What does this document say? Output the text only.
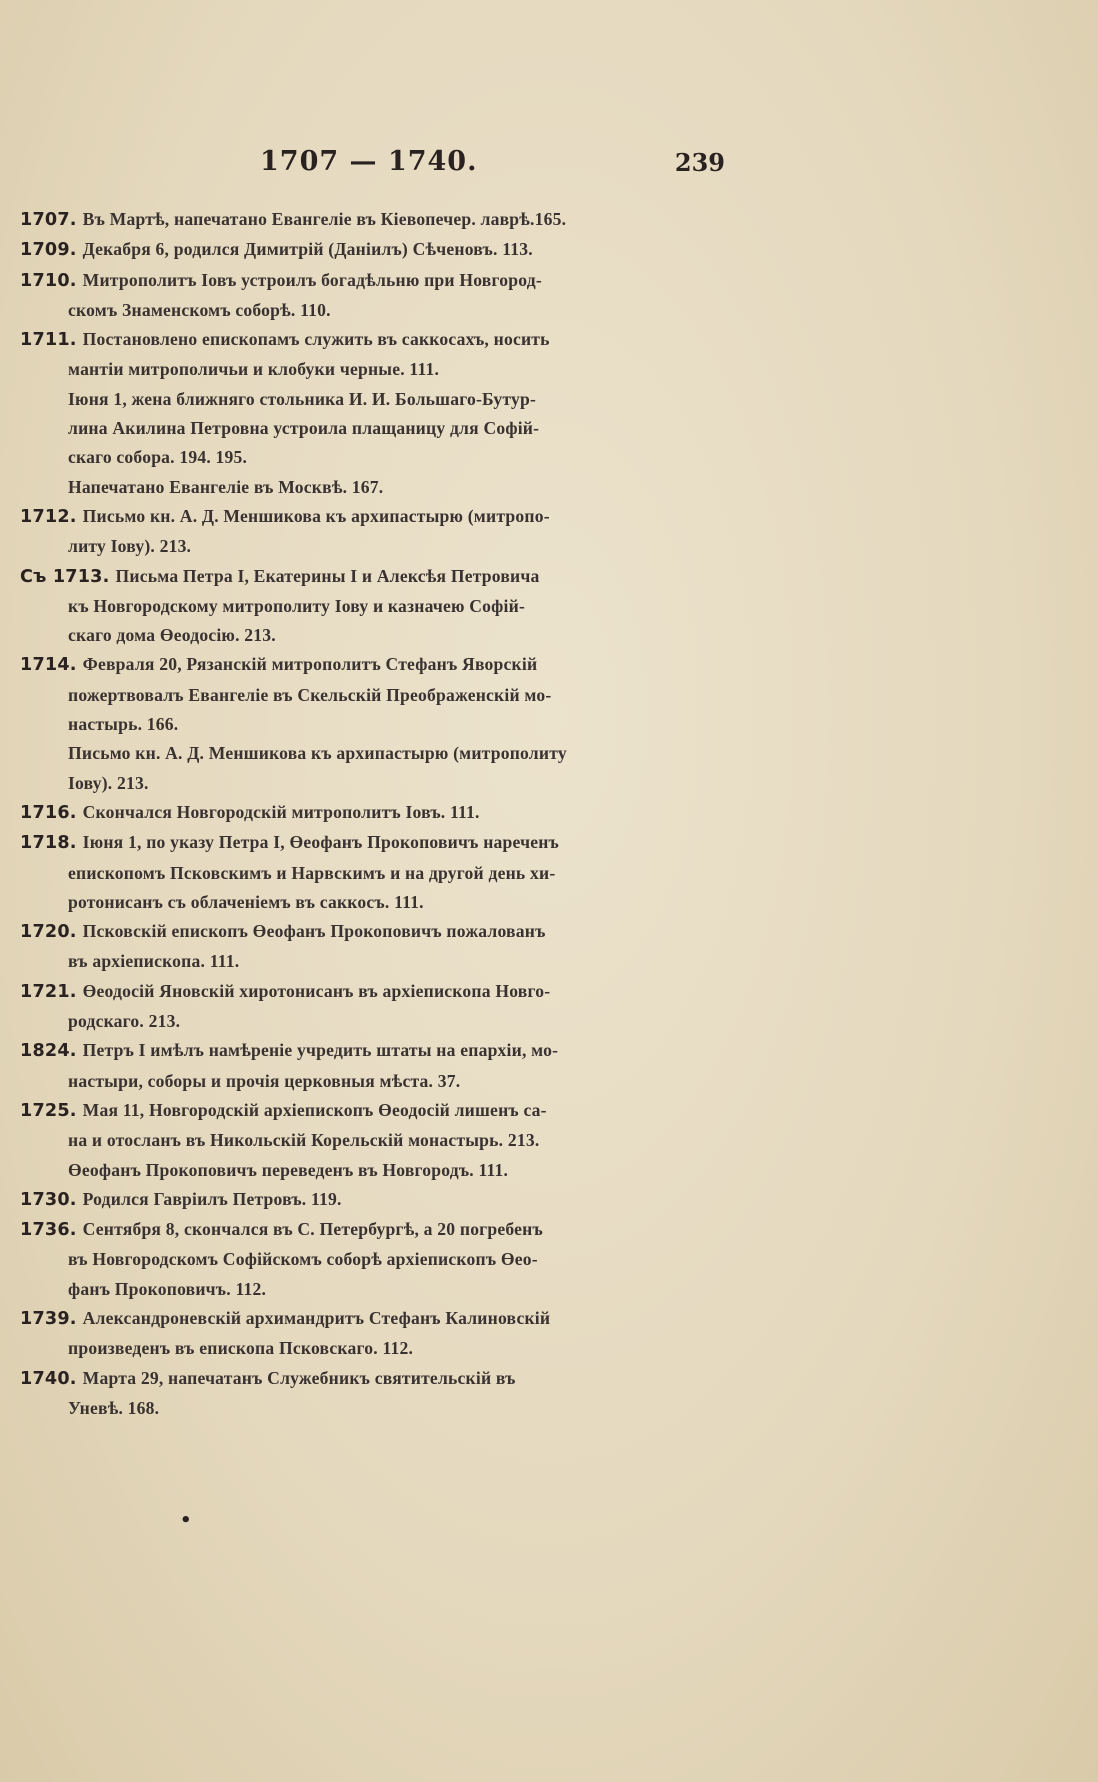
1707 — 1740.	239
1707. Въ Мартѣ, напечатано Евангеліе въ Кіевопечер. лаврѣ.165.
1709. Декабря 6, родился Димитрій (Даніилъ) Сѣченовъ. 113.
1710. Митрополитъ Іовъ устроилъ богадѣльню при Новгород-
скомъ Знаменскомъ соборѣ. 110.
1711. Постановлено епископамъ служить въ саккосахъ, носить
мантіи митрополичьи и клобуки черные. 111.
Іюня 1, жена ближняго стольника И. И. Большаго-Бутур-
лина Акилина Петровна устроила плащаницу для Софій-
скаго собора. 194. 195.
Напечатано Евангеліе въ Москвѣ. 167.
1712. Письмо кн. А. Д. Меншикова къ архипастырю (митропо-
литу Іову). 213.
Съ 1713. Письма Петра I, Екатерины I и Алексѣя Петровича
къ Новгородскому митрополиту Іову и казначею Софій-
скаго дома Өеодосію. 213.
1714. Февраля 20, Рязанскій митрополитъ Стефанъ Яворскій
пожертвовалъ Евангеліе въ Скельскій Преображенскій мо-
настырь. 166.
Письмо кн. А. Д. Меншикова къ архипастырю (митрополиту
Іову). 213.
1716. Скончался Новгородскій митрополитъ Іовъ. 111.
1718. Іюня 1, по указу Петра I, Өеофанъ Прокоповичъ нареченъ
епископомъ Псковскимъ и Нарвскимъ и на другой день хи-
ротонисанъ съ облаченіемъ въ саккосъ. 111.
1720. Псковскій епископъ Өеофанъ Прокоповичъ пожалованъ
въ архіепископа. 111.
1721. Өеодосій Яновскій хиротонисанъ въ архіепископа Новго-
родскаго. 213.
1824. Петръ I имѣлъ намѣреніе учредить штаты на епархіи, мо-
настыри, соборы и прочія церковныя мѣста. 37.
1725. Мая 11, Новгородскій архіепископъ Өеодосій лишенъ са-
на и отосланъ въ Никольскій Корельскій монастырь. 213.
Өеофанъ Прокоповичъ переведенъ въ Новгородъ. 111.
1730. Родился Гавріилъ Петровъ. 119.
1736. Сентября 8, скончался въ С. Петербургѣ, а 20 погребенъ
въ Новгородскомъ Софійскомъ соборѣ архіепископъ Өео-
фанъ Прокоповичъ. 112.
1739. Александроневскій архимандритъ Стефанъ Калиновскій
произведенъ въ епископа Псковскаго. 112.
1740. Марта 29, напечатанъ Служебникъ святительскій въ
Уневѣ. 168.
•
